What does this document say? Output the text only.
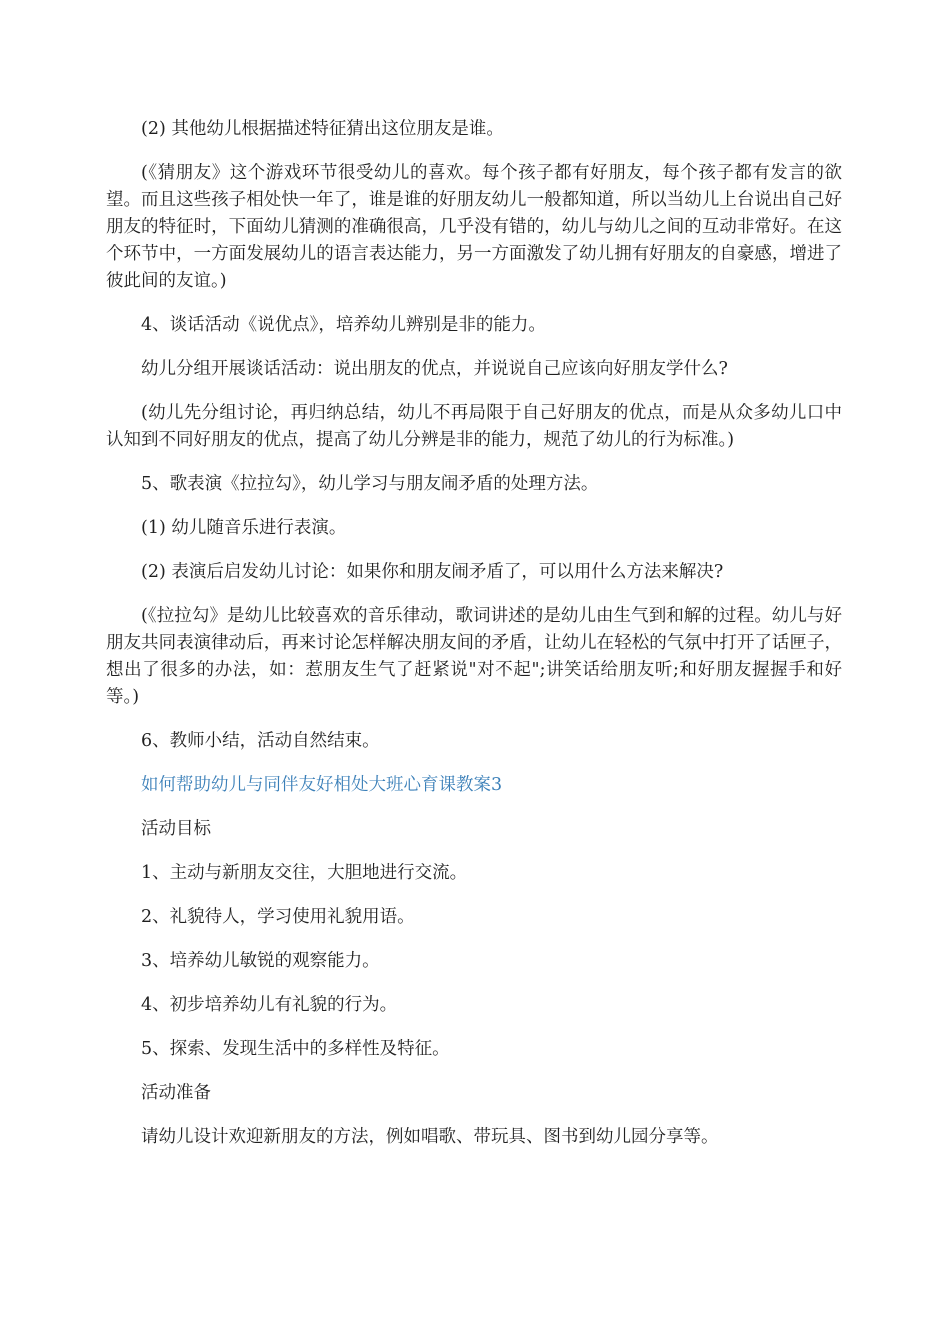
(2) 其他幼儿根据描述特征猜出这位朋友是谁。

(《猜朋友》这个游戏环节很受幼儿的喜欢。每个孩子都有好朋友，每个孩子都有发言的欲望。而且这些孩子相处快一年了，谁是谁的好朋友幼儿一般都知道，所以当幼儿上台说出自己好朋友的特征时，下面幼儿猜测的准确很高，几乎没有错的，幼儿与幼儿之间的互动非常好。在这个环节中，一方面发展幼儿的语言表达能力，另一方面激发了幼儿拥有好朋友的自豪感，增进了彼此间的友谊。)

4、谈话活动《说优点》，培养幼儿辨别是非的能力。

幼儿分组开展谈话活动：说出朋友的优点，并说说自己应该向好朋友学什么?

(幼儿先分组讨论，再归纳总结，幼儿不再局限于自己好朋友的优点，而是从众多幼儿口中认知到不同好朋友的优点，提高了幼儿分辨是非的能力，规范了幼儿的行为标准。)

5、歌表演《拉拉勾》，幼儿学习与朋友闹矛盾的处理方法。

(1) 幼儿随音乐进行表演。

(2) 表演后启发幼儿讨论：如果你和朋友闹矛盾了，可以用什么方法来解决?

(《拉拉勾》是幼儿比较喜欢的音乐律动，歌词讲述的是幼儿由生气到和解的过程。幼儿与好朋友共同表演律动后，再来讨论怎样解决朋友间的矛盾，让幼儿在轻松的气氛中打开了话匣子，想出了很多的办法，如：惹朋友生气了赶紧说"对不起";讲笑话给朋友听;和好朋友握握手和好等。)

6、教师小结，活动自然结束。

如何帮助幼儿与同伴友好相处大班心育课教案3

活动目标

1、主动与新朋友交往，大胆地进行交流。

2、礼貌待人，学习使用礼貌用语。

3、培养幼儿敏锐的观察能力。

4、初步培养幼儿有礼貌的行为。

5、探索、发现生活中的多样性及特征。

活动准备

请幼儿设计欢迎新朋友的方法，例如唱歌、带玩具、图书到幼儿园分享等。
